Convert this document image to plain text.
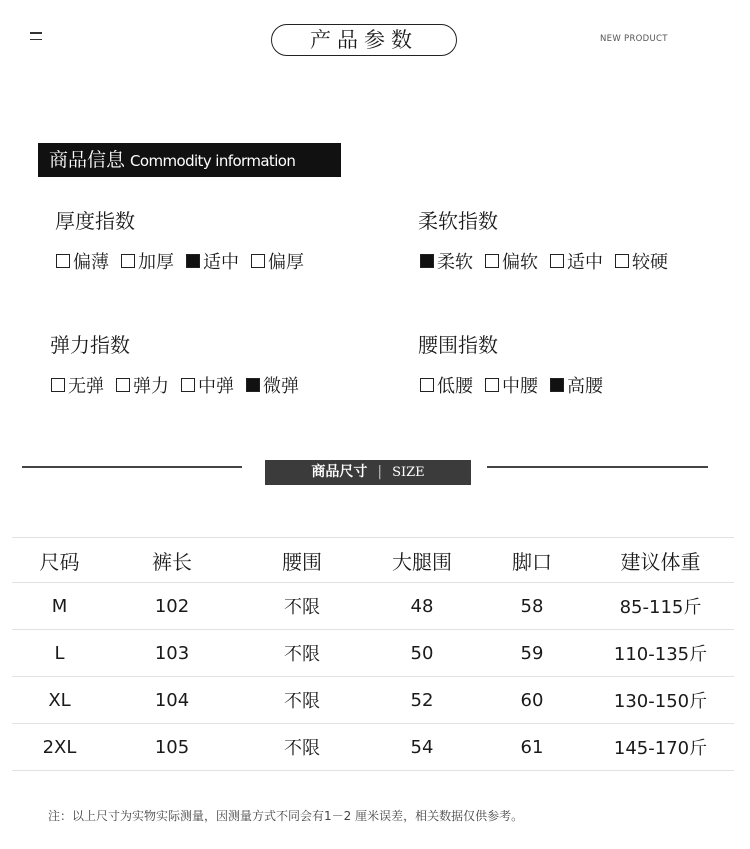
产品参数	NEW PRODUCT
商品信息 Commodity information
厚度指数
偏薄 加厚 适中 偏厚
柔软指数
柔软 偏软 适中 较硬
弹力指数
无弹 弹力 中弹 微弹
腰围指数
低腰 中腰 高腰
商品尺寸 | SIZE
尺码	裤长	腰围	大腿围	脚口	建议体重
M	102	不限	48	58	85-115斤
L	103	不限	50	59	110-135斤
XL	104	不限	52	60	130-150斤
2XL	105	不限	54	61	145-170斤
注：以上尺寸为实物实际测量，因测量方式不同会有1－2 厘米误差，相关数据仅供参考。
